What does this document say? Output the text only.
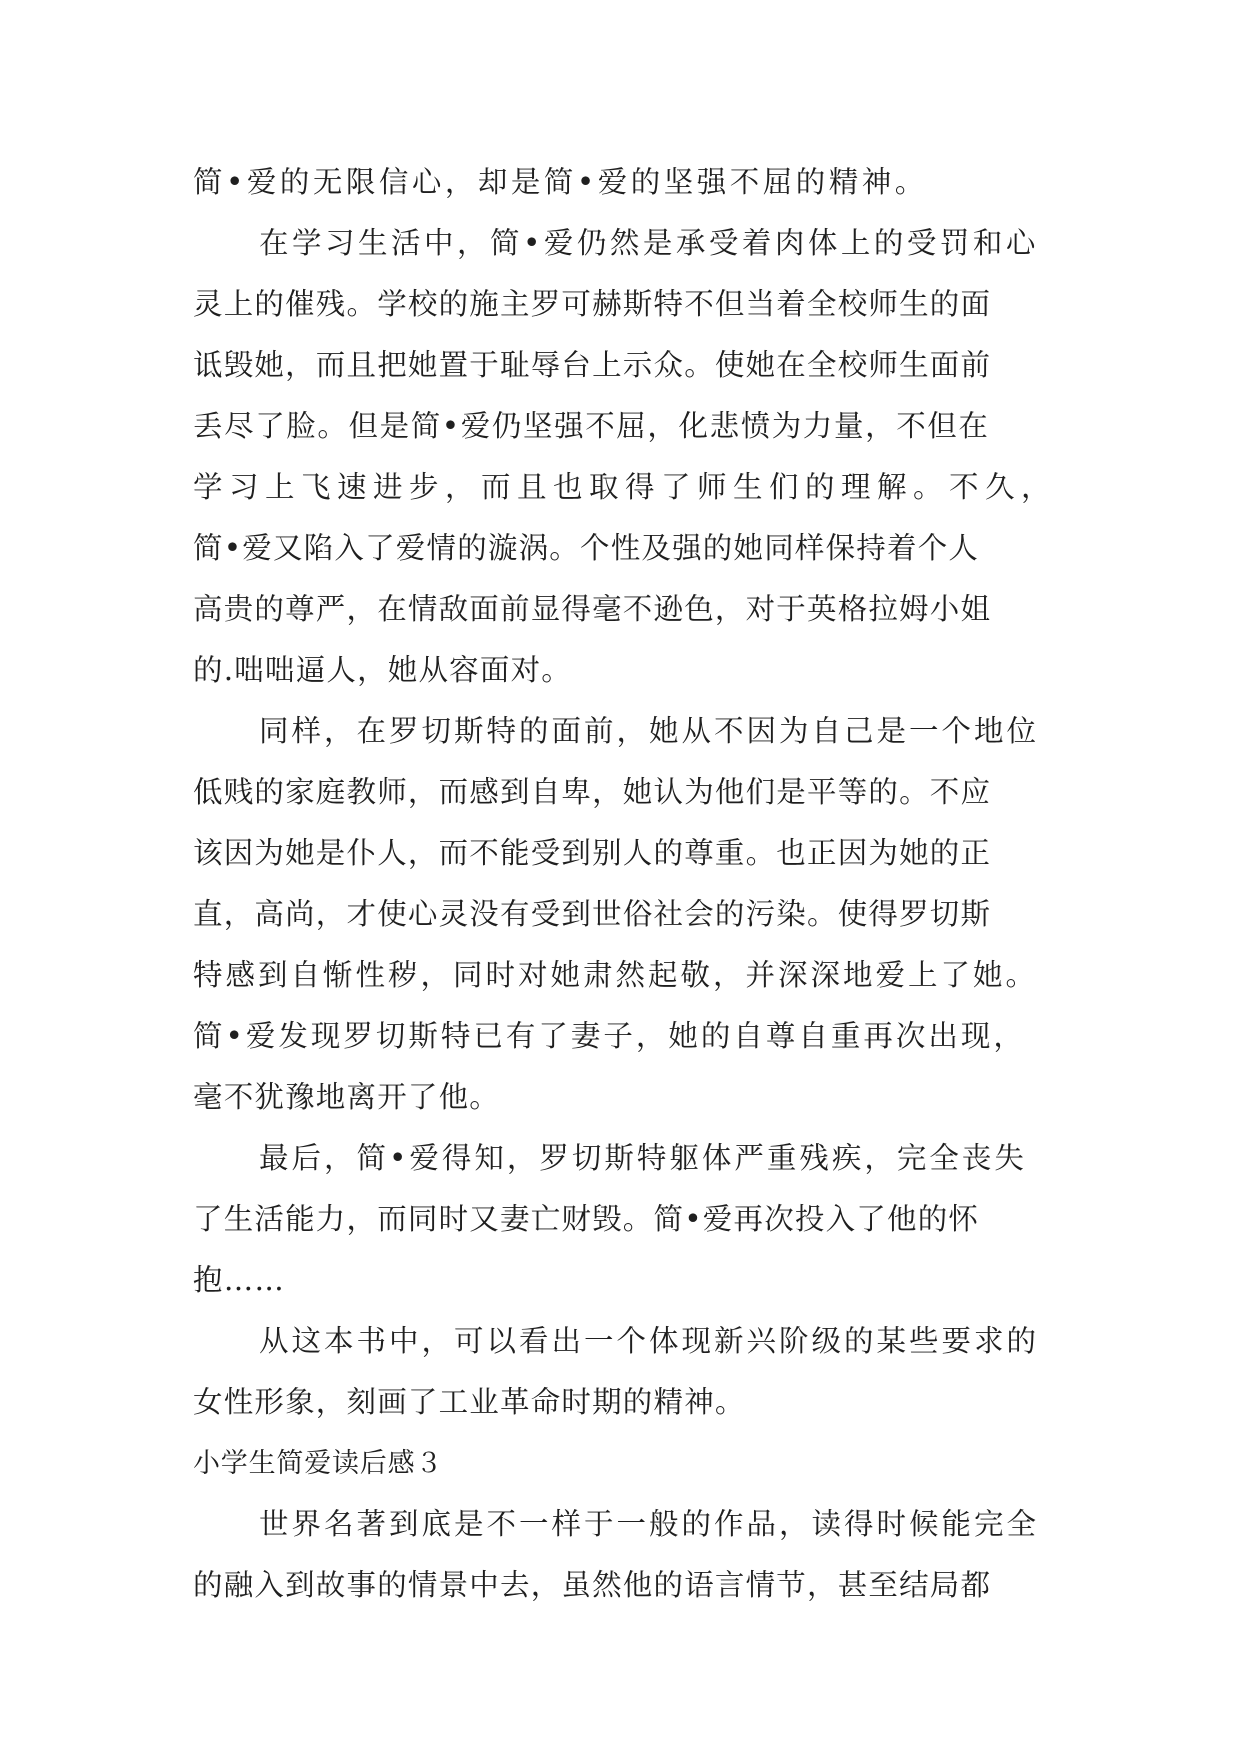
简•爱的无限信心，却是简•爱的坚强不屈的精神。
在学习生活中，简•爱仍然是承受着肉体上的受罚和心
灵上的催残。学校的施主罗可赫斯特不但当着全校师生的面
诋毁她，而且把她置于耻辱台上示众。使她在全校师生面前
丢尽了脸。但是简•爱仍坚强不屈，化悲愤为力量，不但在
学习上飞速进步，而且也取得了师生们的理解。不久，
简•爱又陷入了爱情的漩涡。个性及强的她同样保持着个人
高贵的尊严，在情敌面前显得毫不逊色，对于英格拉姆小姐
的.咄咄逼人，她从容面对。
同样，在罗切斯特的面前，她从不因为自己是一个地位
低贱的家庭教师，而感到自卑，她认为他们是平等的。不应
该因为她是仆人，而不能受到别人的尊重。也正因为她的正
直，高尚，才使心灵没有受到世俗社会的污染。使得罗切斯
特感到自惭性秽，同时对她肃然起敬，并深深地爱上了她。
简•爱发现罗切斯特已有了妻子，她的自尊自重再次出现，
毫不犹豫地离开了他。
最后，简•爱得知，罗切斯特躯体严重残疾，完全丧失
了生活能力，而同时又妻亡财毁。简•爱再次投入了他的怀
抱……
从这本书中，可以看出一个体现新兴阶级的某些要求的
女性形象，刻画了工业革命时期的精神。
小学生简爱读后感３
世界名著到底是不一样于一般的作品，读得时候能完全
的融入到故事的情景中去，虽然他的语言情节，甚至结局都
